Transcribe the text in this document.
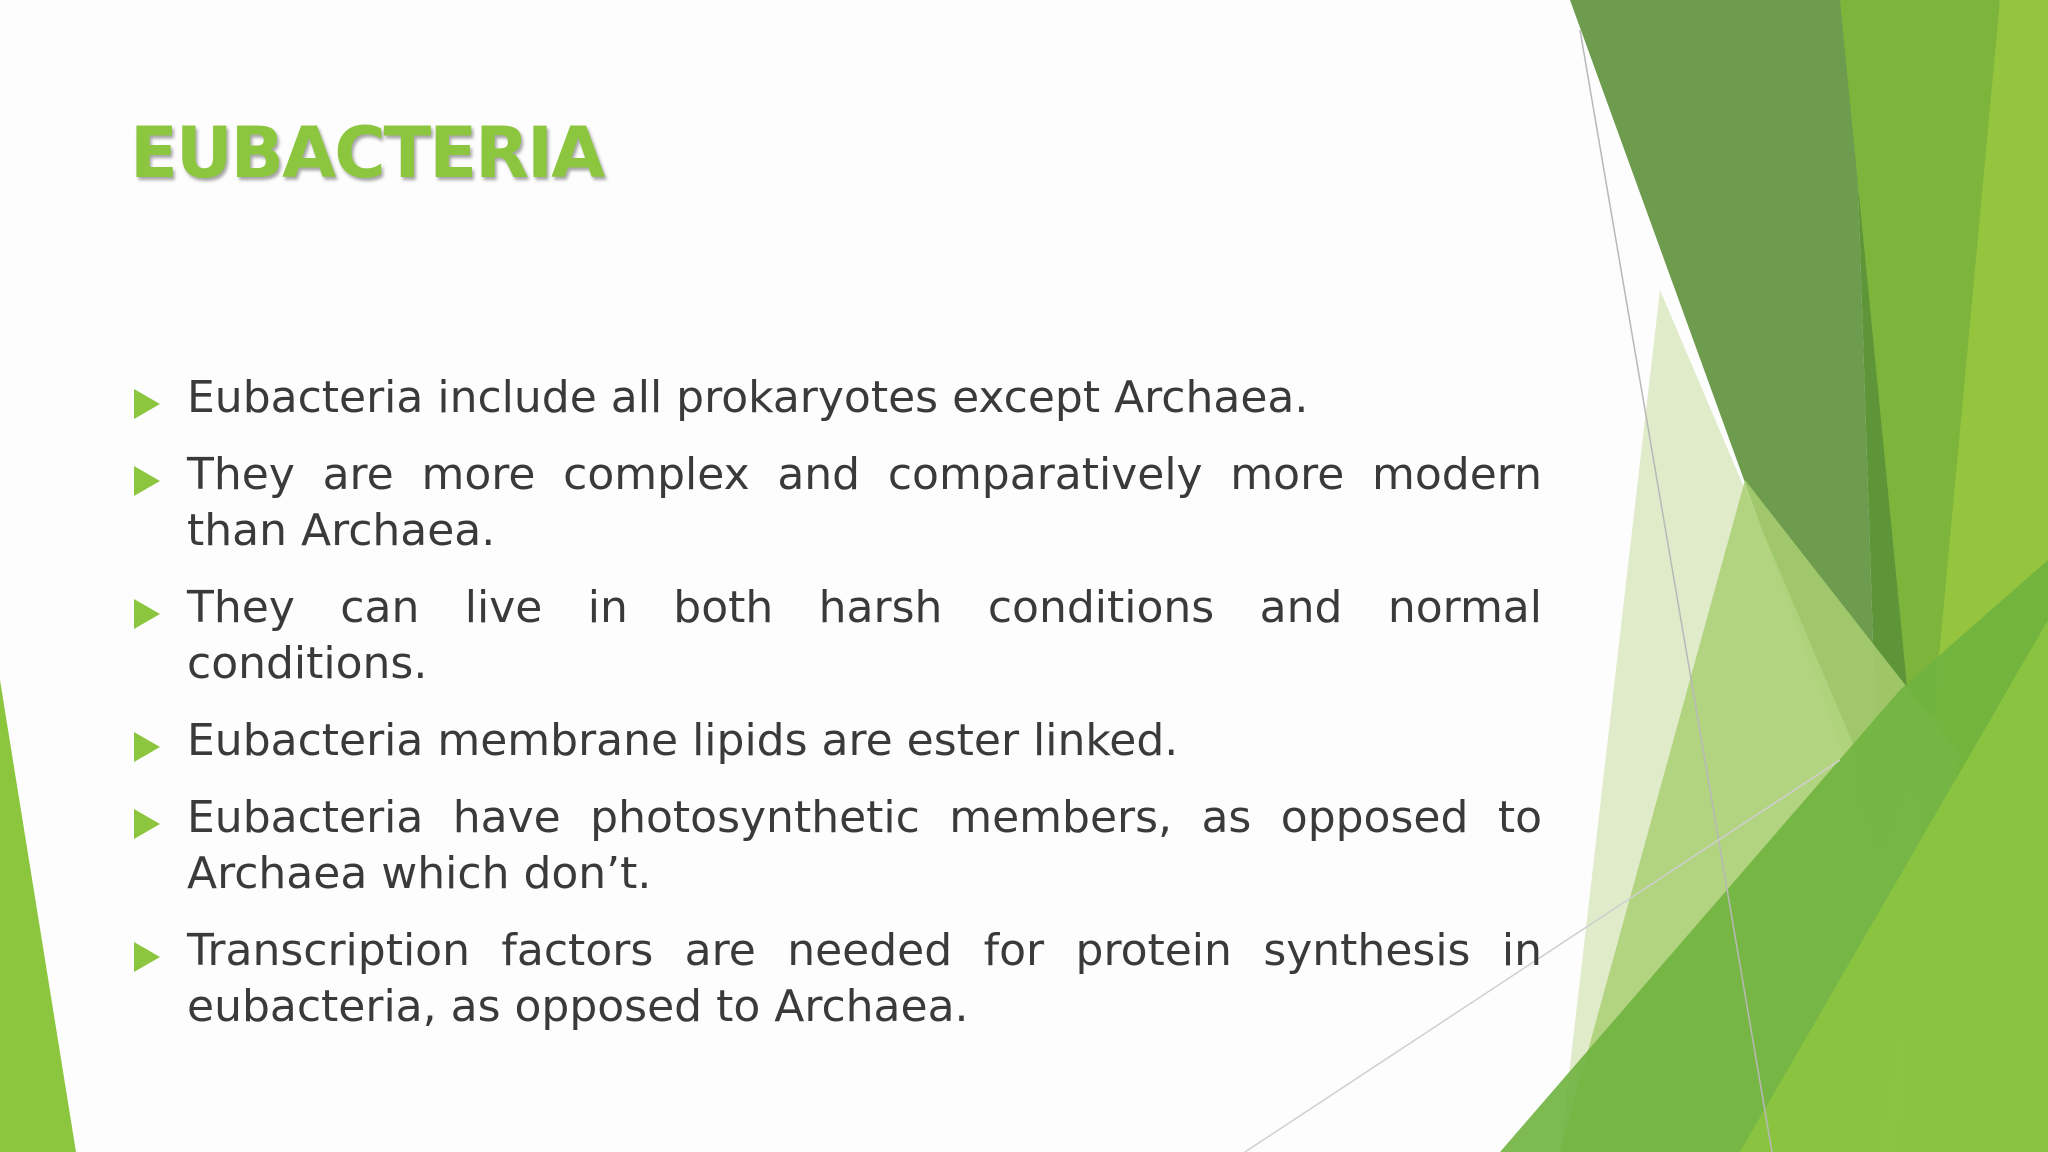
EUBACTERIA
Eubacteria include all prokaryotes except Archaea.
They are more complex and comparatively more modern than Archaea.
They can live in both harsh conditions and normal conditions.
Eubacteria membrane lipids are ester linked.
Eubacteria have photosynthetic members, as opposed to Archaea which don’t.
Transcription factors are needed for protein synthesis in eubacteria, as opposed to Archaea.
